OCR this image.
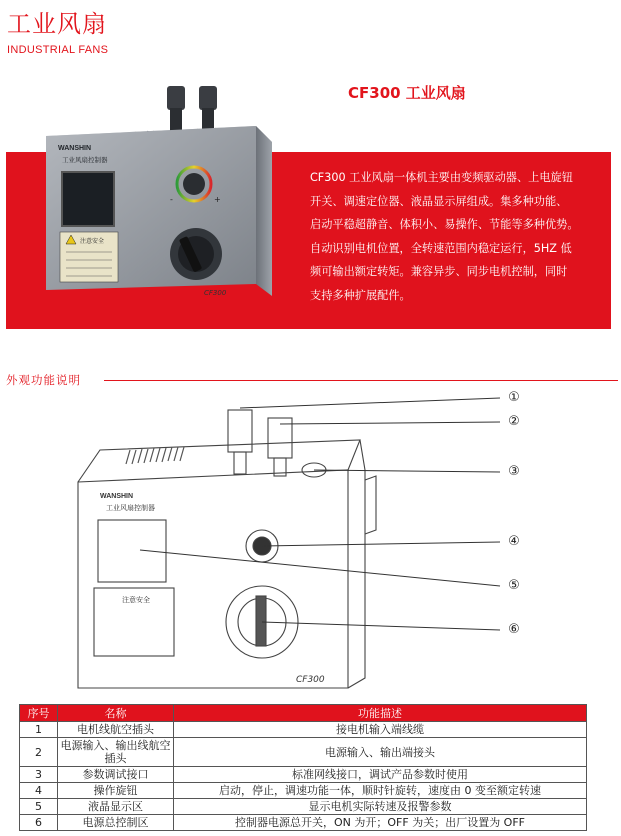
工业风扇
INDUSTRIAL FANS
CF300 工业风扇
CF300 工业风扇一体机主要由变频驱动器、上电旋钮
开关、调速定位器、液晶显示屏组成。集多种功能、
启动平稳超静音、体积小、易操作、节能等多种优势。
自动识别电机位置，全转速范围内稳定运行，5HZ 低
频可输出额定转矩。兼容异步、同步电机控制，同时
支持多种扩展配件。
WANSHIN
工业风扇控制器
注意安全
-	+
CF300
外观功能说明
WANSHIN
工业风扇控制器
注意安全
CF300
①
②
③
④
⑤
⑥
序号	名称	功能描述
1	电机线航空插头	接电机输入端线缆
2	电源输入、输出线航空插头	电源输入、输出端接头
3	参数调试接口	标准网线接口，调试产品参数时使用
4	操作旋钮	启动，停止，调速功能一体，顺时针旋转，速度由 0 变至额定转速
5	液晶显示区	显示电机实际转速及报警参数
6	电源总控制区	控制器电源总开关，ON 为开；OFF 为关；出厂设置为 OFF
